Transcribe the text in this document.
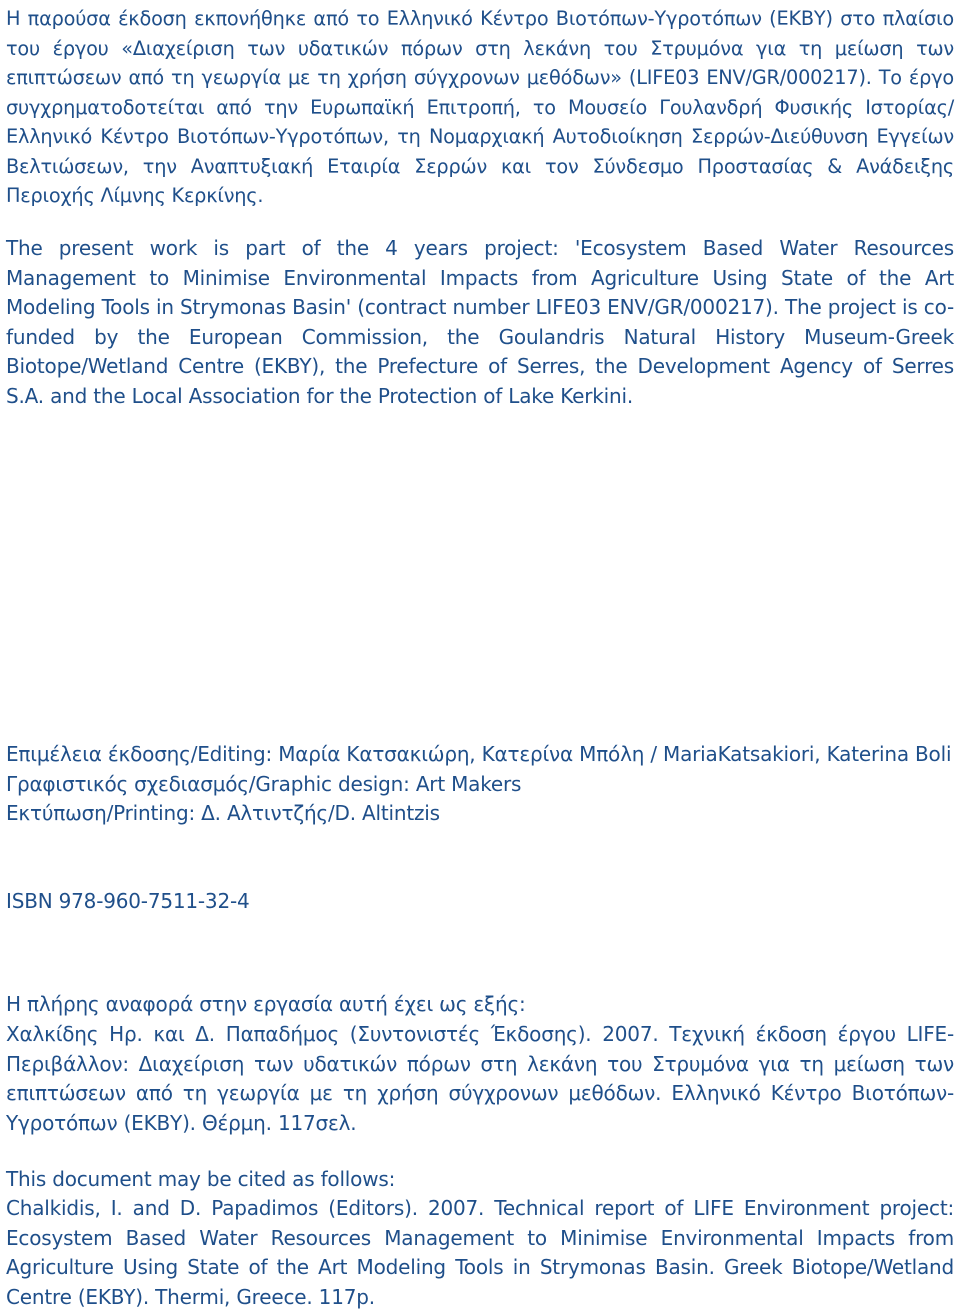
Η παρούσα έκδοση εκπονήθηκε από το Ελληνικό Κέντρο Βιοτόπων-Υγροτόπων (ΕΚΒΥ) στο πλαίσιο του έργου «Διαχείριση των υδατικών πόρων στη λεκάνη του Στρυμόνα για τη μείωση των επιπτώσεων από τη γεωργία με τη χρήση σύγχρονων μεθόδων» (LIFE03 ENV/GR/000217). Το έργο συγχρηματοδοτείται από την Ευρωπαϊκή Επιτροπή, το Μουσείο Γουλανδρή Φυσικής Ιστορίας/Ελληνικό Κέντρο Βιοτόπων-Υγροτόπων, τη Νομαρχιακή Αυτοδιοίκηση Σερρών-Διεύθυνση Εγγείων Βελτιώσεων, την Αναπτυξιακή Εταιρία Σερρών και τον Σύνδεσμο Προστασίας & Ανάδειξης Περιοχής Λίμνης Κερκίνης.

The present work is part of the 4 years project: 'Ecosystem Based Water Resources Management to Minimise Environmental Impacts from Agriculture Using State of the Art Modeling Tools in Strymonas Basin' (contract number LIFE03 ENV/GR/000217). The project is co-funded by the European Commission, the Goulandris Natural History Museum-Greek Biotope/Wetland Centre (EKBY), the Prefecture of Serres, the Development Agency of Serres S.A. and the Local Association for the Protection of Lake Kerkini.

Επιμέλεια έκδοσης/Editing: Μαρία Κατσακιώρη, Κατερίνα Μπόλη / MariaKatsakiori, Katerina Boli
Γραφιστικός σχεδιασμός/Graphic design: Art Makers
Εκτύπωση/Printing: Δ. Αλτιντζής/D. Altintzis
ISBN 978-960-7511-32-4
Η πλήρης αναφορά στην εργασία αυτή έχει ως εξής:

Χαλκίδης Ηρ. και Δ. Παπαδήμος (Συντονιστές Έκδοσης). 2007. Τεχνική έκδοση έργου LIFE-Περιβάλλον: Διαχείριση των υδατικών πόρων στη λεκάνη του Στρυμόνα για τη μείωση των επιπτώσεων από τη γεωργία με τη χρήση σύγχρονων μεθόδων. Ελληνικό Κέντρο Βιοτόπων-Υγροτόπων (ΕΚΒΥ). Θέρμη. 117σελ.

This document may be cited as follows:

Chalkidis, I. and D. Papadimos (Editors). 2007. Technical report of LIFE Environment project: Ecosystem Based Water Resources Management to Minimise Environmental Impacts from Agriculture Using State of the Art Modeling Tools in Strymonas Basin. Greek Biotope/Wetland Centre (EKBY). Thermi, Greece. 117p.
